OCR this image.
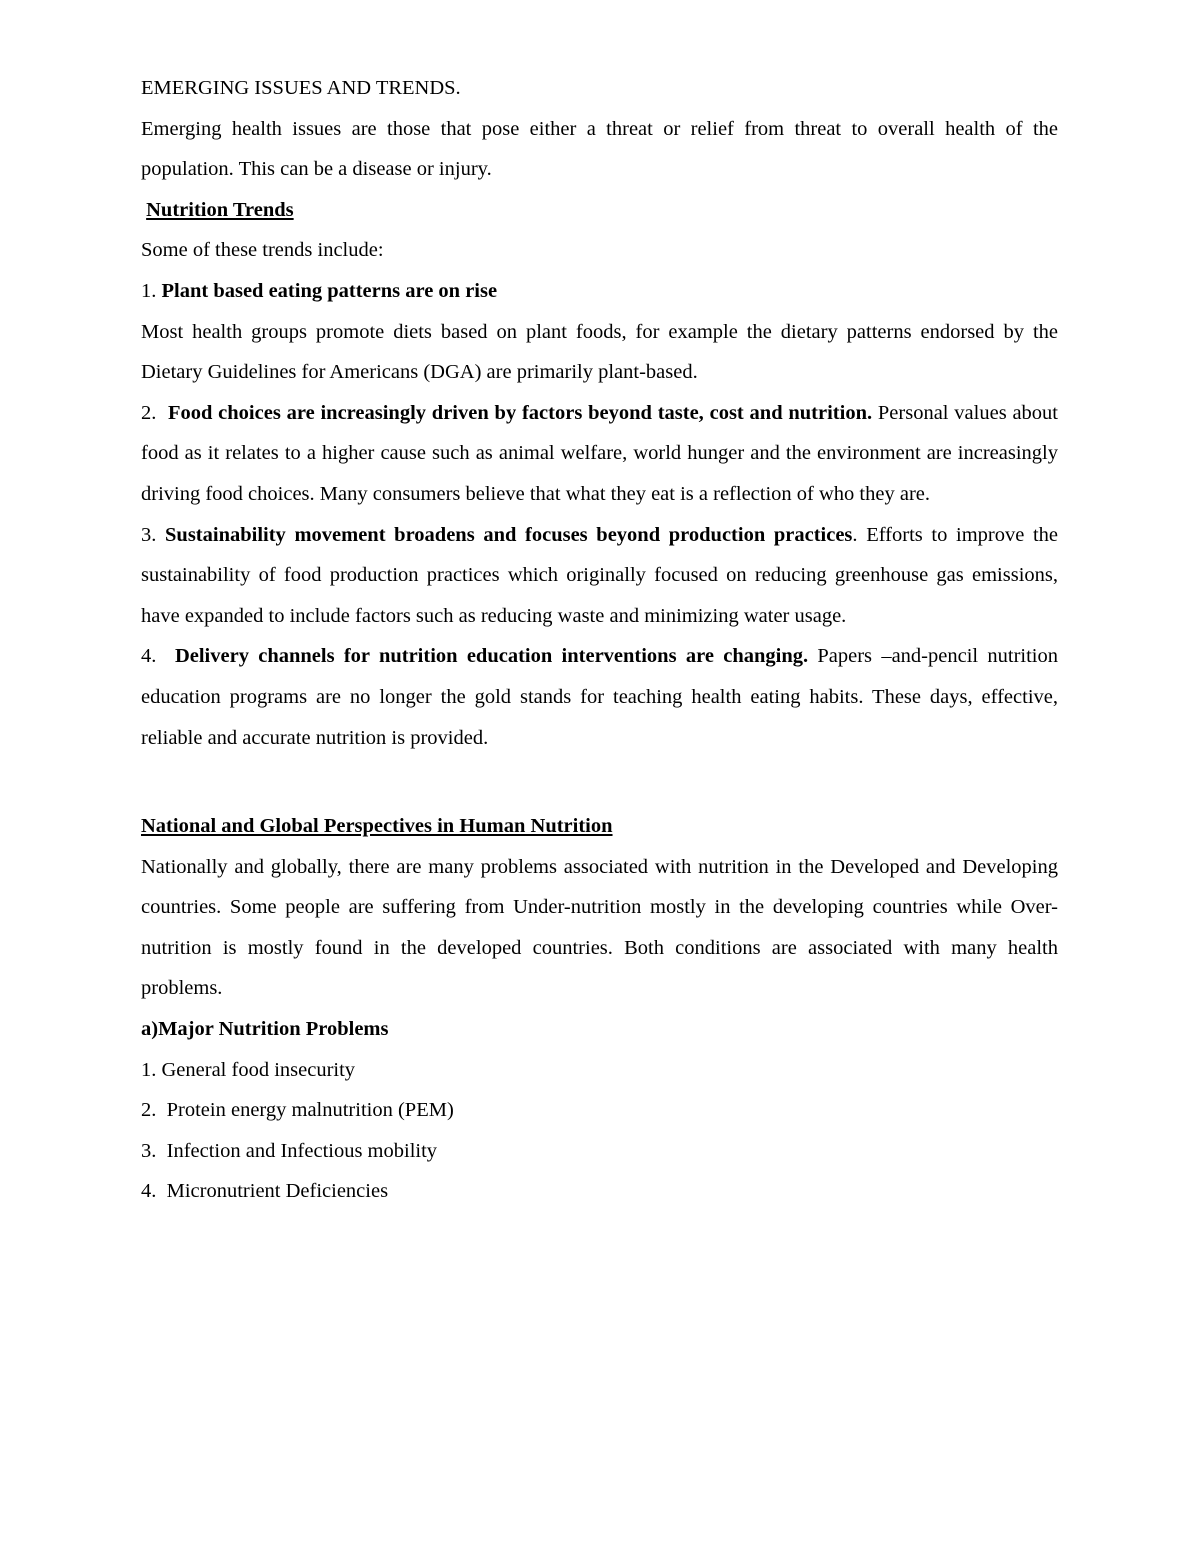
EMERGING ISSUES AND TRENDS.

Emerging health issues are those that pose either a threat or relief from threat to overall health of the population. This can be a disease or injury.

Nutrition Trends

Some of these trends include:

1. Plant based eating patterns are on rise

Most health groups promote diets based on plant foods, for example the dietary patterns endorsed by the Dietary Guidelines for Americans (DGA) are primarily plant-based.

2. Food choices are increasingly driven by factors beyond taste, cost and nutrition. Personal values about food as it relates to a higher cause such as animal welfare, world hunger and the environment are increasingly driving food choices. Many consumers believe that what they eat is a reflection of who they are.

3. Sustainability movement broadens and focuses beyond production practices. Efforts to improve the sustainability of food production practices which originally focused on reducing greenhouse gas emissions, have expanded to include factors such as reducing waste and minimizing water usage.

4. Delivery channels for nutrition education interventions are changing. Papers –and-pencil nutrition education programs are no longer the gold stands for teaching health eating habits. These days, effective, reliable and accurate nutrition is provided.

National and Global Perspectives in Human Nutrition

Nationally and globally, there are many problems associated with nutrition in the Developed and Developing countries. Some people are suffering from Under-nutrition mostly in the developing countries while Over-nutrition is mostly found in the developed countries. Both conditions are associated with many health problems.

a)Major Nutrition Problems

1. General food insecurity

2. Protein energy malnutrition (PEM)

3. Infection and Infectious mobility

4. Micronutrient Deficiencies
